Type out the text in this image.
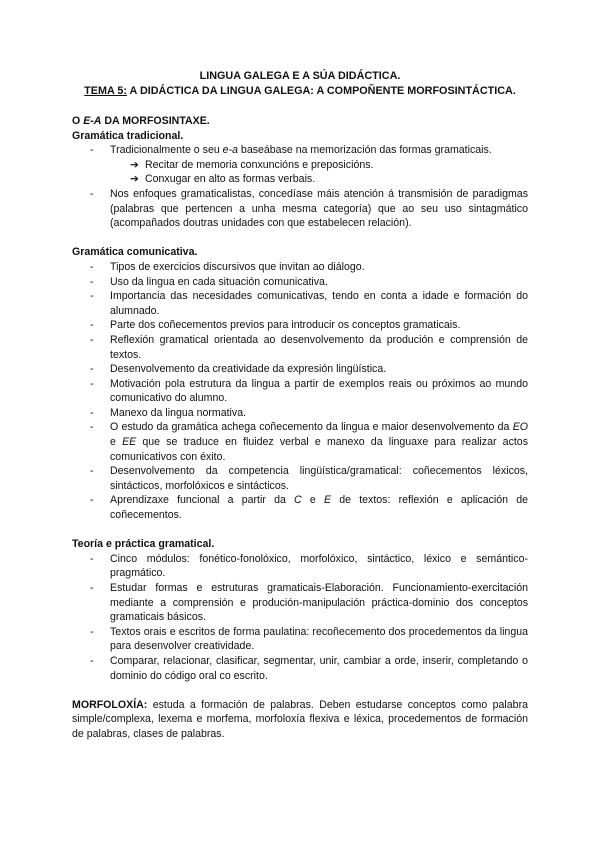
LINGUA GALEGA E A SÚA DIDÁCTICA.
TEMA 5: A DIDÁCTICA DA LINGUA GALEGA: A COMPOÑENTE MORFOSINTÁCTICA.

O E-A DA MORFOSINTAXE.

Gramática tradicional.

- Tradicionalmente o seu e-a baseábase na memorización das formas gramaticais.
➔ Recitar de memoria conxuncións e preposicións.
➔ Conxugar en alto as formas verbais.
- Nos enfoques gramaticalistas, concedíase máis atención á transmisión de paradigmas (palabras que pertencen a unha mesma categoría) que ao seu uso sintagmático (acompañados doutras unidades con que estabelecen relación).

Gramática comunicativa.

- Tipos de exercicios discursivos que invitan ao diálogo.
- Uso da lingua en cada situación comunicativa.
- Importancia das necesidades comunicativas, tendo en conta a idade e formación do alumnado.
- Parte dos coñecementos previos para introducir os conceptos gramaticais.
- Reflexión gramatical orientada ao desenvolvemento da produción e comprensión de textos.
- Desenvolvemento da creatividade da expresión lingüística.
- Motivación pola estrutura da lingua a partir de exemplos reais ou próximos ao mundo comunicativo do alumno.
- Manexo da lingua normativa.
- O estudo da gramática achega coñecemento da lingua e maior desenvolvemento da EO e EE que se traduce en fluidez verbal e manexo da linguaxe para realizar actos comunicativos con éxito.
- Desenvolvemento da competencia lingüística/gramatical: coñecementos léxicos, sintácticos, morfolóxicos e sintácticos.
- Aprendizaxe funcional a partir da C e E de textos: reflexión e aplicación de coñecementos.

Teoría e práctica gramatical.

- Cinco módulos: fonético-fonolóxico, morfolóxico, sintáctico, léxico e semántico-pragmático.
- Estudar formas e estruturas gramaticais-Elaboración. Funcionamiento-exercitación mediante a comprensión e produción-manipulación práctica-dominio dos conceptos gramaticais básicos.
- Textos orais e escritos de forma paulatina: recoñecemento dos procedementos da lingua para desenvolver creatividade.
- Comparar, relacionar, clasificar, segmentar, unir, cambiar a orde, inserir, completando o dominio do código oral co escrito.

MORFOLOXÍA: estuda a formación de palabras. Deben estudarse conceptos como palabra simple/complexa, lexema e morfema, morfoloxía flexiva e léxica, procedementos de formación de palabras, clases de palabras.
